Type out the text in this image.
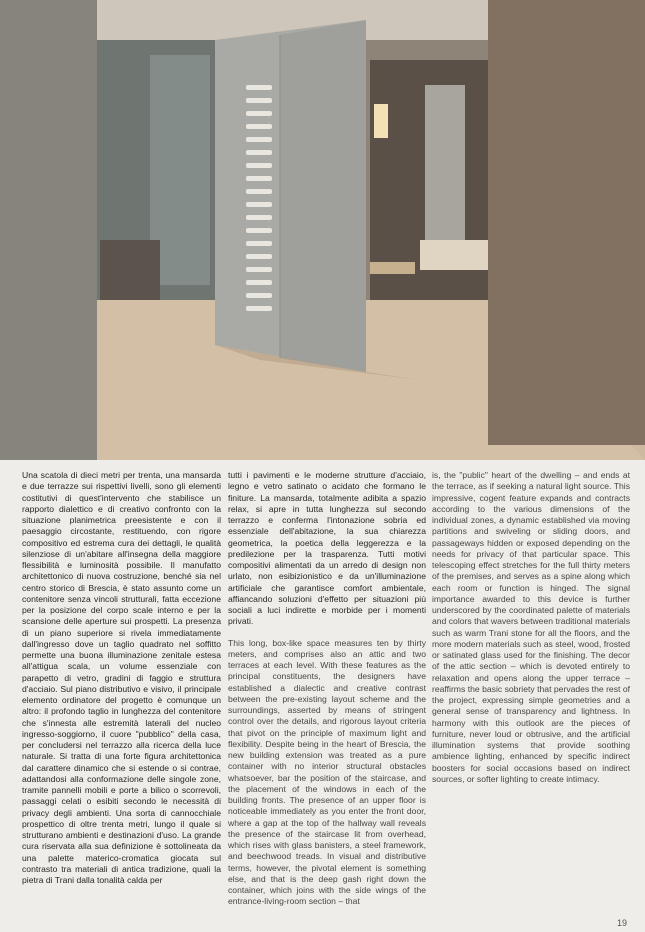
Una scatola di dieci metri per trenta, una mansarda e due terrazze sui rispettivi livelli, sono gli elementi costitutivi di quest'intervento che stabilisce un rapporto dialettico e di creativo confronto con la situazione planimetrica preesistente e con il paesaggio circostante, restituendo, con rigore compositivo ed estrema cura dei dettagli, le qualità silenziose di un'abitare all'insegna della maggiore flessibilità e luminosità possibile. Il manufatto architettonico di nuova costruzione, benché sia nel centro storico di Brescia, è stato assunto come un contenitore senza vincoli strutturali, fatta eccezione per la posizione del corpo scale interno e per la scansione delle aperture sui prospetti. La presenza di un piano superiore si rivela immediatamente dall'ingresso dove un taglio quadrato nel soffitto permette una buona illuminazione zenitale estesa all'attigua scala, un volume essenziale con parapetto di vetro, gradini di faggio e struttura d'acciaio. Sul piano distributivo e visivo, il principale elemento ordinatore del progetto è comunque un altro: il profondo taglio in lunghezza del contenitore che s'innesta alle estremità laterali del nucleo ingresso-soggiorno, il cuore "pubblico" della casa, per concludersi nel terrazzo alla ricerca della luce naturale. Si tratta di una forte figura architettonica dal carattere dinamico che si estende o si contrae, adattandosi alla conformazione delle singole zone, tramite pannelli mobili e porte a bilico o scorrevoli, passaggi celati o esibiti secondo le necessità di privacy degli ambienti. Una sorta di cannocchiale prospettico di oltre trenta metri, lungo il quale si strutturano ambienti e destinazioni d'uso. La grande cura riservata alla sua definizione è sottolineata da una palette materico-cromatica giocata sul contrasto tra materiali di antica tradizione, quali la pietra di Trani dalla tonalità calda per

tutti i pavimenti e le moderne strutture d'acciaio, legno e vetro satinato o acidato che formano le finiture. La mansarda, totalmente adibita a spazio relax, si apre in tutta lunghezza sul secondo terrazzo e conferma l'intonazione sobria ed essenziale dell'abitazione, la sua chiarezza geometrica, la poetica della leggerezza e la predilezione per la trasparenza. Tutti motivi compositivi alimentati da un arredo di design non urlato, non esibizionistico e da un'illuminazione artificiale che garantisce comfort ambientale, affiancando soluzioni d'effetto per situazioni più sociali a luci indirette e morbide per i momenti privati.

This long, box-like space measures ten by thirty meters, and comprises also an attic and two terraces at each level. With these features as the principal constituents, the designers have established a dialectic and creative contrast between the pre-existing layout scheme and the surroundings, asserted by means of stringent control over the details, and rigorous layout criteria that pivot on the principle of maximum light and flexibility. Despite being in the heart of Brescia, the new building extension was treated as a pure container with no interior structural obstacles whatsoever, bar the position of the staircase, and the placement of the windows in each of the building fronts. The presence of an upper floor is noticeable immediately as you enter the front door, where a gap at the top of the hallway wall reveals the presence of the staircase lit from overhead, which rises with glass banisters, a steel framework, and beechwood treads. In visual and distributive terms, however, the pivotal element is something else, and that is the deep gash right down the container, which joins with the side wings of the entrance-living-room section – that

is, the "public" heart of the dwelling – and ends at the terrace, as if seeking a natural light source. This impressive, cogent feature expands and contracts according to the various dimensions of the individual zones, a dynamic established via moving partitions and swiveling or sliding doors, and passageways hidden or exposed depending on the needs for privacy of that particular space. This telescoping effect stretches for the full thirty meters of the premises, and serves as a spine along which each room or function is hinged. The signal importance awarded to this device is further underscored by the coordinated palette of materials and colors that wavers between traditional materials such as warm Trani stone for all the floors, and the more modern materials such as steel, wood, frosted or satinated glass used for the finishing. The decor of the attic section – which is devoted entirely to relaxation and opens along the upper terrace – reaffirms the basic sobriety that pervades the rest of the project, expressing simple geometries and a general sense of transparency and lightness. In harmony with this outlook are the pieces of furniture, never loud or obtrusive, and the artificial illumination systems that provide soothing ambience lighting, enhanced by specific indirect boosters for social occasions based on indirect sources, or softer lighting to create intimacy.

19
